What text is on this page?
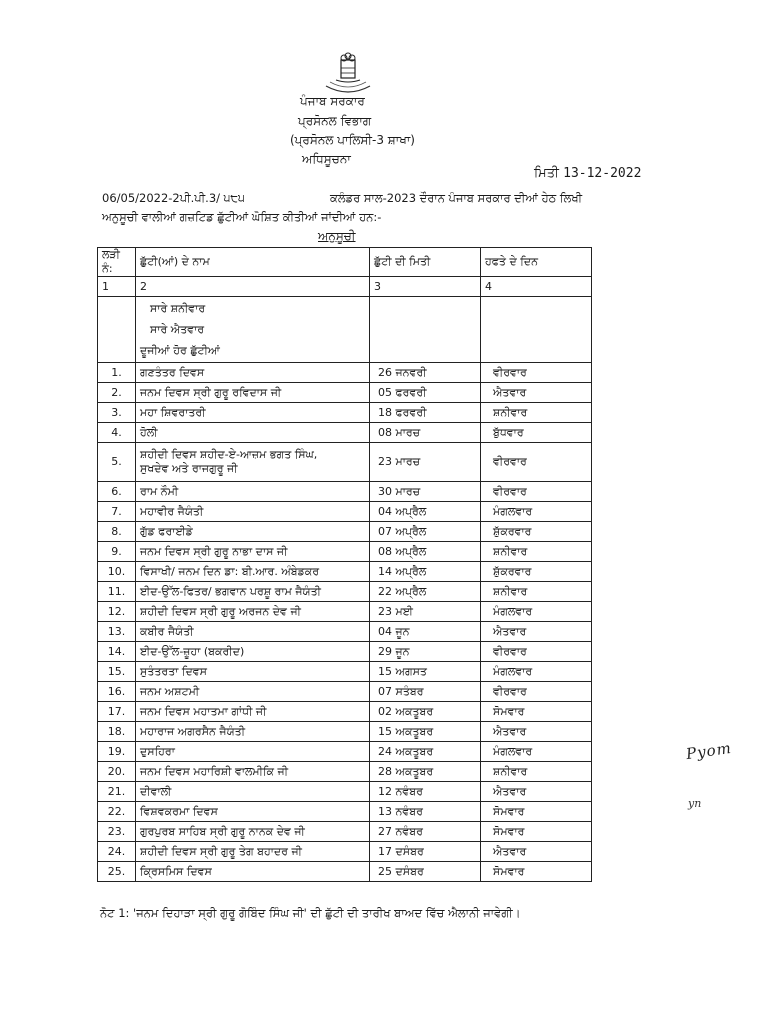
ਪੰਜਾਬ ਸਰਕਾਰ
ਪ੍ਰਸੋਨਲ ਵਿਭਾਗ
(ਪ੍ਰਸੋਨਲ ਪਾਲਿਸੀ-3 ਸ਼ਾਖਾ)
ਅਧਿਸੂਚਨਾ
ਮਿਤੀ 13-12-2022
06/05/2022-2ਪੀ.ਪੀ.3/ ੫੮੫	ਕਲੰਡਰ ਸਾਲ-2023 ਦੌਰਾਨ ਪੰਜਾਬ ਸਰਕਾਰ ਦੀਆਂ ਹੇਠ ਲਿਖੀ
ਅਨੁਸੂਚੀ ਵਾਲੀਆਂ ਗਜ਼ਟਿਡ ਛੁੱਟੀਆਂ ਘੋਸ਼ਿਤ ਕੀਤੀਆਂ ਜਾਂਦੀਆਂ ਹਨ:-
ਅਨੁਸੂਚੀ
ਲੜੀ ਨੰ:	ਛੁੱਟੀ(ਆਂ) ਦੇ ਨਾਮ	ਛੁੱਟੀ ਦੀ ਮਿਤੀ	ਹਫਤੇ ਦੇ ਦਿਨ
1	2	3	4

	ਸਾਰੇ ਸ਼ਨੀਵਾਰ
ਸਾਰੇ ਐਤਵਾਰ
ਦੂਜੀਆਂ ਹੋਰ ਛੁੱਟੀਆਂ		

1.	ਗਣਤੰਤਰ ਦਿਵਸ	26 ਜਨਵਰੀ	ਵੀਰਵਾਰ
2.	ਜਨਮ ਦਿਵਸ ਸ੍ਰੀ ਗੁਰੂ ਰਵਿਦਾਸ ਜੀ	05 ਫਰਵਰੀ	ਐਤਵਾਰ
3.	ਮਹਾ ਸ਼ਿਵਰਾਤਰੀ	18 ਫਰਵਰੀ	ਸ਼ਨੀਵਾਰ
4.	ਹੋਲੀ	08 ਮਾਰਚ	ਬੁੱਧਵਾਰ
5.	ਸ਼ਹੀਦੀ ਦਿਵਸ ਸ਼ਹੀਦ-ਏ-ਆਜ਼ਮ ਭਗਤ ਸਿੰਘ,
ਸੁਖਦੇਵ ਅਤੇ ਰਾਜਗੁਰੂ ਜੀ	23 ਮਾਰਚ	ਵੀਰਵਾਰ
6.	ਰਾਮ ਨੌਮੀ	30 ਮਾਰਚ	ਵੀਰਵਾਰ
7.	ਮਹਾਵੀਰ ਜੈਯੰਤੀ	04 ਅਪ੍ਰੈਲ	ਮੰਗਲਵਾਰ
8.	ਗੁੱਡ ਫਰਾਈਡੇ	07 ਅਪ੍ਰੈਲ	ਸ਼ੁੱਕਰਵਾਰ
9.	ਜਨਮ ਦਿਵਸ ਸ੍ਰੀ ਗੁਰੂ ਨਾਭਾ ਦਾਸ ਜੀ	08 ਅਪ੍ਰੈਲ	ਸ਼ਨੀਵਾਰ
10.	ਵਿਸਾਖੀ/ ਜਨਮ ਦਿਨ ਡਾ: ਬੀ.ਆਰ. ਅੰਬੇਡਕਰ	14 ਅਪ੍ਰੈਲ	ਸ਼ੁੱਕਰਵਾਰ
11.	ਈਦ-ਉੱਲ-ਫਿਤਰ/ ਭਗਵਾਨ ਪਰਸ਼ੂ ਰਾਮ ਜੈਯੰਤੀ	22 ਅਪ੍ਰੈਲ	ਸ਼ਨੀਵਾਰ
12.	ਸ਼ਹੀਦੀ ਦਿਵਸ ਸ੍ਰੀ ਗੁਰੂ ਅਰਜਨ ਦੇਵ ਜੀ	23 ਮਈ	ਮੰਗਲਵਾਰ
13.	ਕਬੀਰ ਜੈਯੰਤੀ	04 ਜੂਨ	ਐਤਵਾਰ
14.	ਈਦ-ਉੱਲ-ਜ਼ੂਹਾ (ਬਕਰੀਦ)	29 ਜੂਨ	ਵੀਰਵਾਰ
15.	ਸੁਤੰਤਰਤਾ ਦਿਵਸ	15 ਅਗਸਤ	ਮੰਗਲਵਾਰ
16.	ਜਨਮ ਅਸ਼ਟਮੀ	07 ਸਤੰਬਰ	ਵੀਰਵਾਰ
17.	ਜਨਮ ਦਿਵਸ ਮਹਾਤਮਾ ਗਾਂਧੀ ਜੀ	02 ਅਕਤੂਬਰ	ਸੋਮਵਾਰ
18.	ਮਹਾਰਾਜ ਅਗਰਸੈਨ ਜੈਯੰਤੀ	15 ਅਕਤੂਬਰ	ਐਤਵਾਰ
19.	ਦੁਸਹਿਰਾ	24 ਅਕਤੂਬਰ	ਮੰਗਲਵਾਰ
20.	ਜਨਮ ਦਿਵਸ ਮਹਾਰਿਸ਼ੀ ਵਾਲਮੀਕਿ ਜੀ	28 ਅਕਤੂਬਰ	ਸ਼ਨੀਵਾਰ
21.	ਦੀਵਾਲੀ	12 ਨਵੰਬਰ	ਐਤਵਾਰ
22.	ਵਿਸ਼ਵਕਰਮਾ ਦਿਵਸ	13 ਨਵੰਬਰ	ਸੋਮਵਾਰ
23.	ਗੁਰਪੁਰਬ ਸਾਹਿਬ ਸ੍ਰੀ ਗੁਰੂ ਨਾਨਕ ਦੇਵ ਜੀ	27 ਨਵੰਬਰ	ਸੋਮਵਾਰ
24.	ਸ਼ਹੀਦੀ ਦਿਵਸ ਸ੍ਰੀ ਗੁਰੂ ਤੇਗ ਬਹਾਦਰ ਜੀ	17 ਦਸੰਬਰ	ਐਤਵਾਰ
25.	ਕ੍ਰਿਸਮਿਸ ਦਿਵਸ	25 ਦਸੰਬਰ	ਸੋਮਵਾਰ
ਨੋਟ 1: 'ਜਨਮ ਦਿਹਾੜਾ ਸ੍ਰੀ ਗੁਰੂ ਗੋਬਿੰਦ ਸਿੰਘ ਜੀ' ਦੀ ਛੁੱਟੀ ਦੀ ਤਾਰੀਖ ਬਾਅਦ ਵਿੱਚ ਐਲਾਨੀ ਜਾਵੇਗੀ।
Pyom
yn
